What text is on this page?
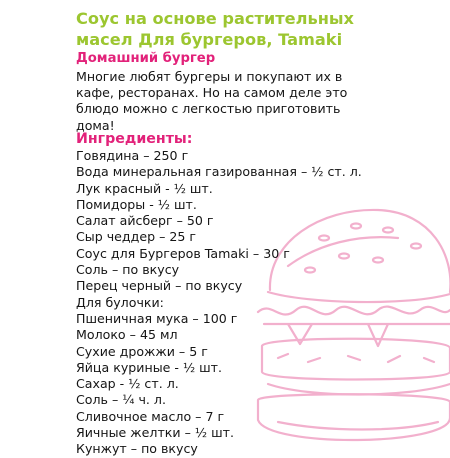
Соус на основе растительных масел Для бургеров, Tamaki
Домашний бургер

Многие любят бургеры и покупают их в кафе, ресторанах. Но на самом деле это блюдо можно с легкостью приготовить дома!

Ингредиенты:
Говядина – 250 г
Вода минеральная газированная – ½ ст. л.
Лук красный - ½ шт.
Помидоры - ½ шт.
Салат айсберг – 50 г
Сыр чеддер – 25 г
Соус для Бургеров Tamaki – 30 г
Соль – по вкусу
Перец черный – по вкусу
Для булочки:
Пшеничная мука – 100 г
Молоко – 45 мл
Сухие дрожжи – 5 г
Яйца куриные - ½ шт.
Сахар - ½ ст. л.
Соль – ¼ ч. л.
Сливочное масло – 7 г
Яичные желтки – ½ шт.
Кунжут – по вкусу
